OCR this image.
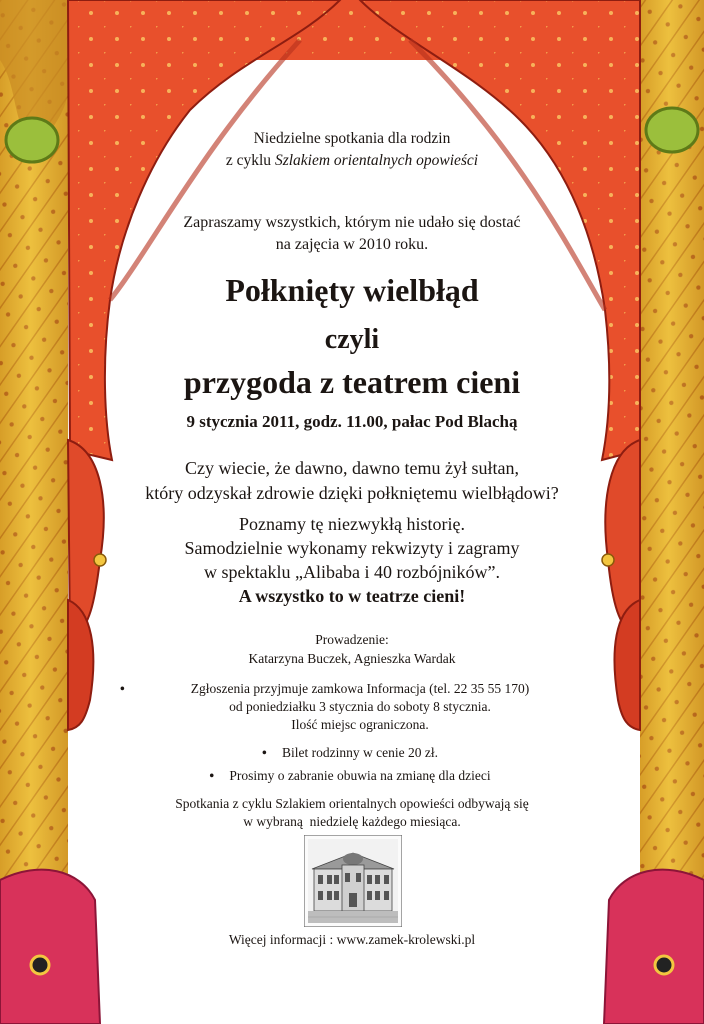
Niedzielne spotkania dla rodzin
z cyklu Szlakiem orientalnych opowieści
Zapraszamy wszystkich, którym nie udało się dostać
na zajęcia w 2010 roku.
Połknięty wielbłąd
czyli
przygoda z teatrem cieni
9 stycznia 2011, godz. 11.00, pałac Pod Blachą
Czy wiecie, że dawno, dawno temu żył sułtan,
który odzyskał zdrowie dzięki połkniętemu wielbłądowi?
Poznamy tę niezwykłą historię.
Samodzielnie wykonamy rekwizyty i zagramy
w spektaklu „Alibaba i 40 rozbójników”.
A wszystko to w teatrze cieni!
Prowadzenie:
Katarzyna Buczek, Agnieszka Wardak
•	Zgłoszenia przyjmuje zamkowa Informacja (tel. 22 35 55 170)
od poniedziałku 3 stycznia do soboty 8 stycznia.
Ilość miejsc ograniczona.
• Bilet rodzinny w cenie 20 zł.
• Prosimy o zabranie obuwia na zmianę dla dzieci
Spotkania z cyklu Szlakiem orientalnych opowieści odbywają się
w wybraną  niedzielę każdego miesiąca.
Więcej informacji : www.zamek-krolewski.pl
